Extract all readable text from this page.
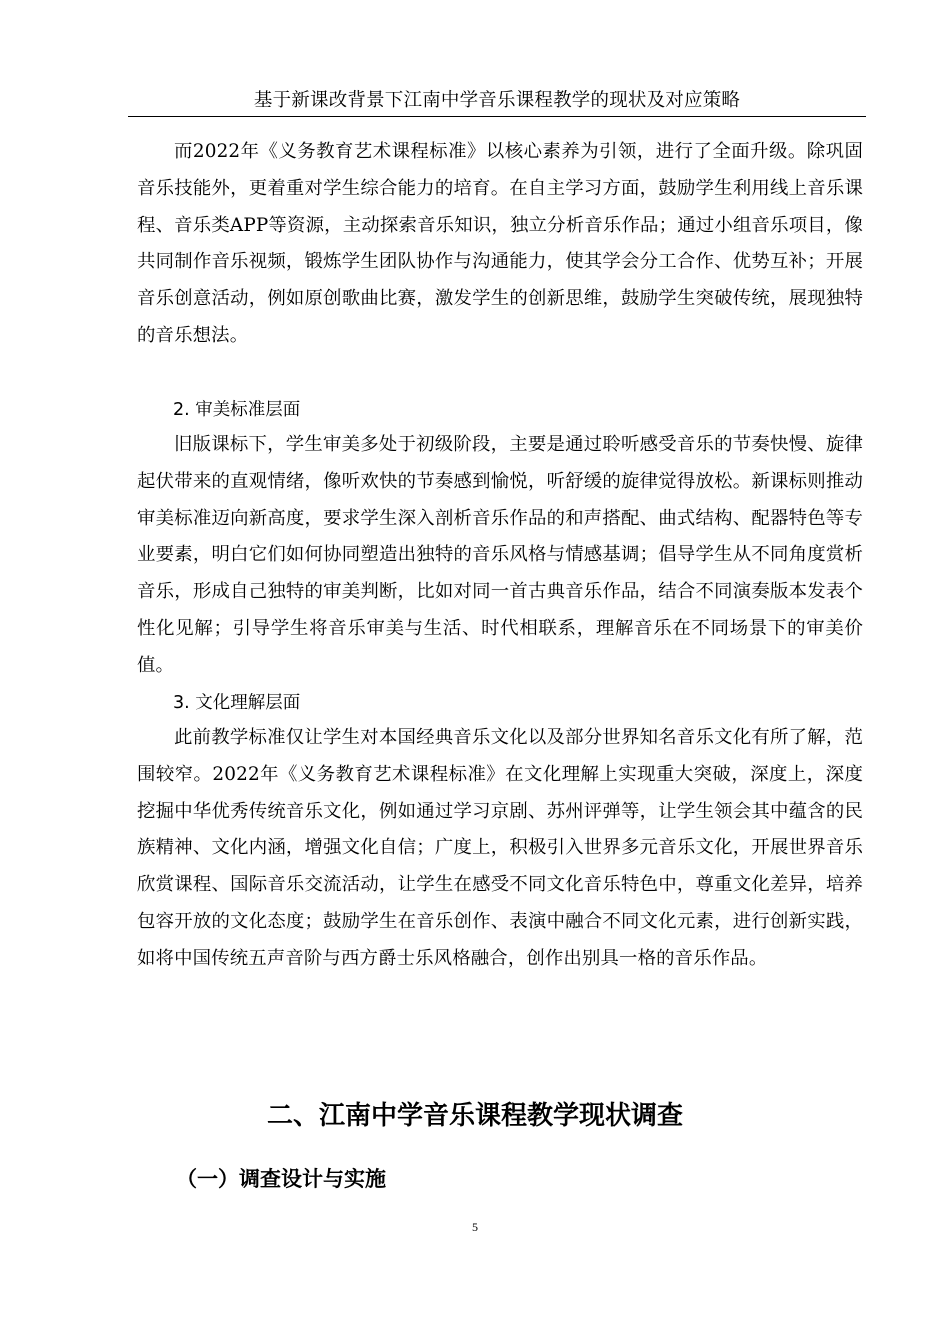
基于新课改背景下江南中学音乐课程教学的现状及对应策略

而2022年《义务教育艺术课程标准》以核心素养为引领，进行了全面升级。除巩固音乐技能外，更着重对学生综合能力的培育。在自主学习方面，鼓励学生利用线上音乐课程、音乐类APP等资源，主动探索音乐知识，独立分析音乐作品；通过小组音乐项目，像共同制作音乐视频，锻炼学生团队协作与沟通能力，使其学会分工合作、优势互补；开展音乐创意活动，例如原创歌曲比赛，激发学生的创新思维，鼓励学生突破传统，展现独特的音乐想法。

2. 审美标准层面

旧版课标下，学生审美多处于初级阶段，主要是通过聆听感受音乐的节奏快慢、旋律起伏带来的直观情绪，像听欢快的节奏感到愉悦，听舒缓的旋律觉得放松。新课标则推动审美标准迈向新高度，要求学生深入剖析音乐作品的和声搭配、曲式结构、配器特色等专业要素，明白它们如何协同塑造出独特的音乐风格与情感基调；倡导学生从不同角度赏析音乐，形成自己独特的审美判断，比如对同一首古典音乐作品，结合不同演奏版本发表个性化见解；引导学生将音乐审美与生活、时代相联系，理解音乐在不同场景下的审美价值。

3. 文化理解层面

此前教学标准仅让学生对本国经典音乐文化以及部分世界知名音乐文化有所了解，范围较窄。2022年《义务教育艺术课程标准》在文化理解上实现重大突破，深度上，深度挖掘中华优秀传统音乐文化，例如通过学习京剧、苏州评弹等，让学生领会其中蕴含的民族精神、文化内涵，增强文化自信；广度上，积极引入世界多元音乐文化，开展世界音乐欣赏课程、国际音乐交流活动，让学生在感受不同文化音乐特色中，尊重文化差异，培养包容开放的文化态度；鼓励学生在音乐创作、表演中融合不同文化元素，进行创新实践，如将中国传统五声音阶与西方爵士乐风格融合，创作出别具一格的音乐作品。

二、江南中学音乐课程教学现状调查
（一）调查设计与实施
5
